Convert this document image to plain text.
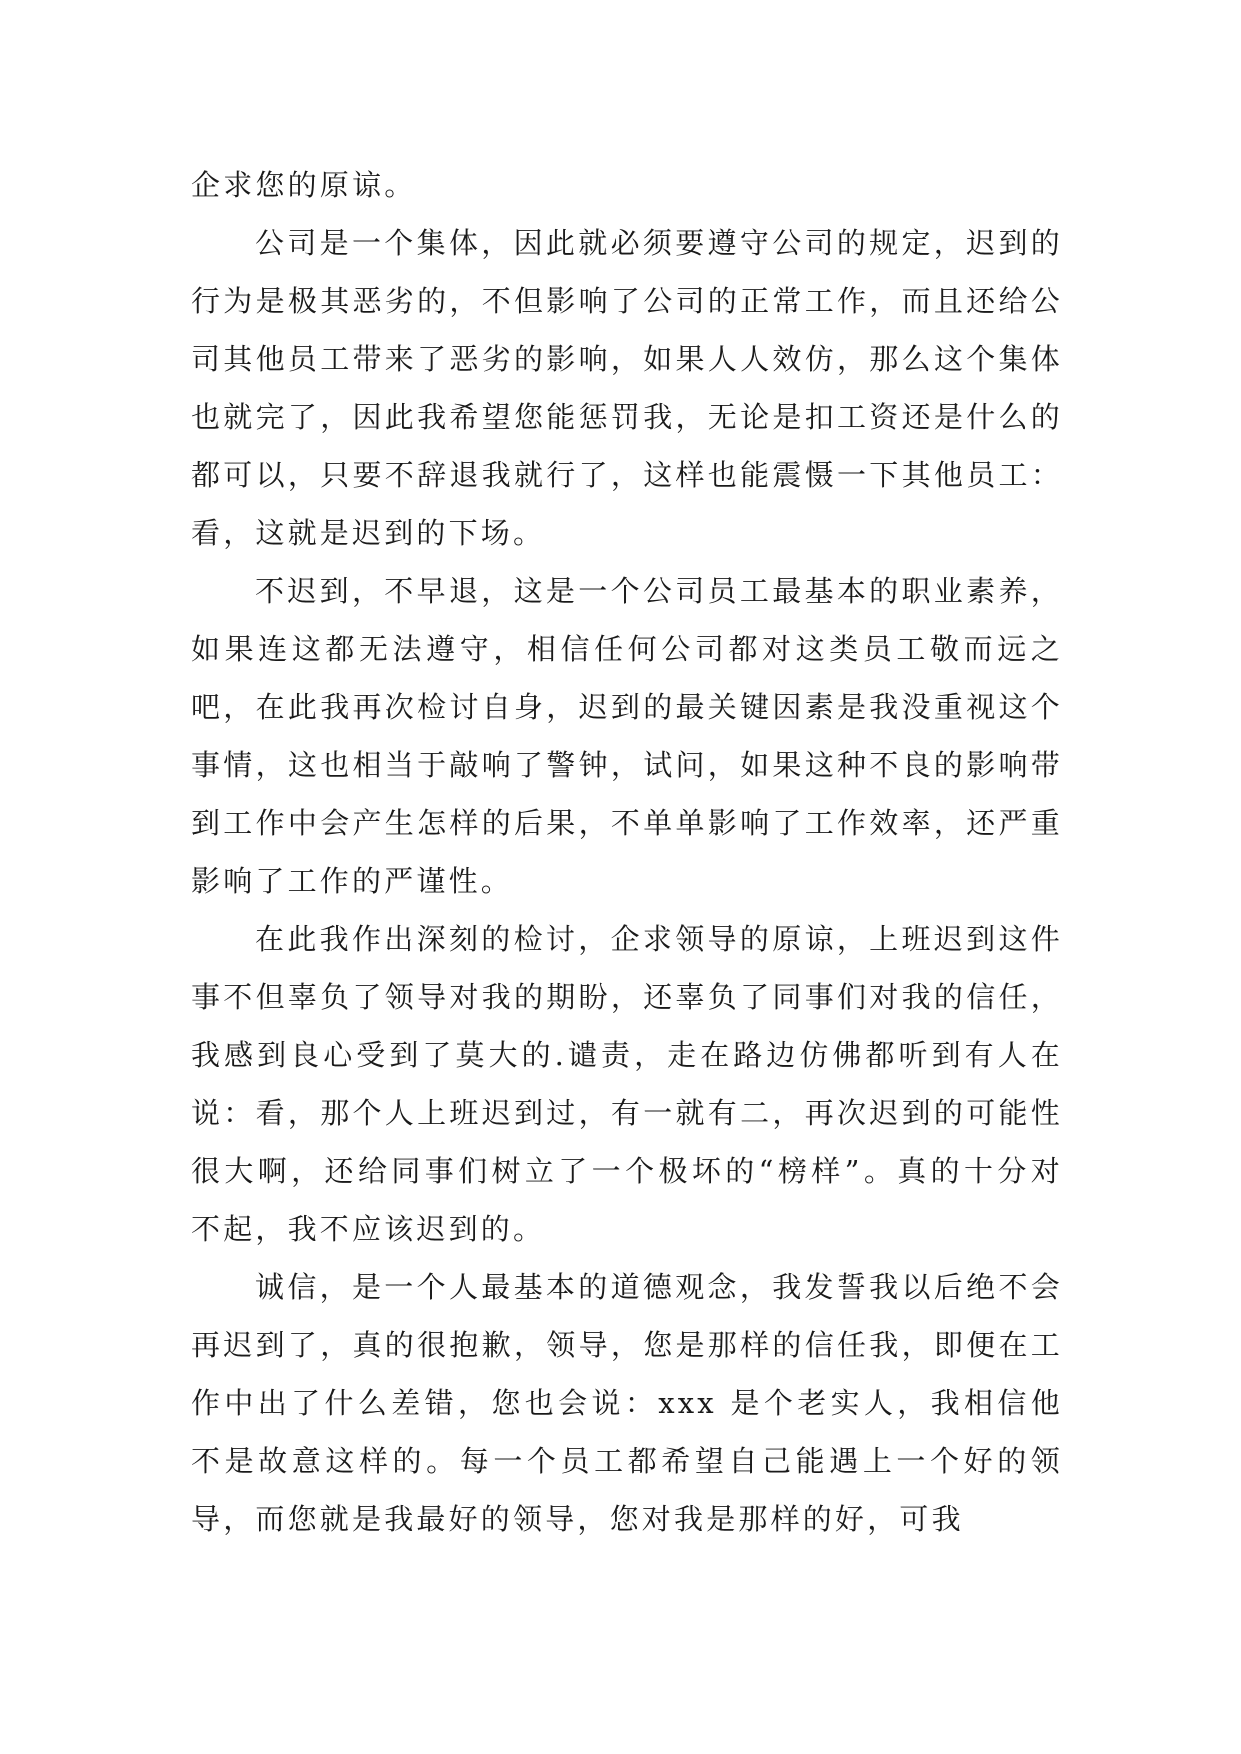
企求您的原谅。

公司是一个集体，因此就必须要遵守公司的规定，迟到的行为是极其恶劣的，不但影响了公司的正常工作，而且还给公司其他员工带来了恶劣的影响，如果人人效仿，那么这个集体也就完了，因此我希望您能惩罚我，无论是扣工资还是什么的都可以，只要不辞退我就行了，这样也能震慑一下其他员工：看，这就是迟到的下场。

不迟到，不早退，这是一个公司员工最基本的职业素养，如果连这都无法遵守，相信任何公司都对这类员工敬而远之吧，在此我再次检讨自身，迟到的最关键因素是我没重视这个事情，这也相当于敲响了警钟，试问，如果这种不良的影响带到工作中会产生怎样的后果，不单单影响了工作效率，还严重影响了工作的严谨性。

在此我作出深刻的检讨，企求领导的原谅，上班迟到这件事不但辜负了领导对我的期盼，还辜负了同事们对我的信任，我感到良心受到了莫大的.谴责，走在路边仿佛都听到有人在说：看，那个人上班迟到过，有一就有二，再次迟到的可能性很大啊，还给同事们树立了一个极坏的“榜样”。真的十分对不起，我不应该迟到的。

诚信，是一个人最基本的道德观念，我发誓我以后绝不会再迟到了，真的很抱歉，领导，您是那样的信任我，即便在工作中出了什么差错，您也会说：xxx 是个老实人，我相信他不是故意这样的。每一个员工都希望自己能遇上一个好的领导，而您就是我最好的领导，您对我是那样的好，可我
